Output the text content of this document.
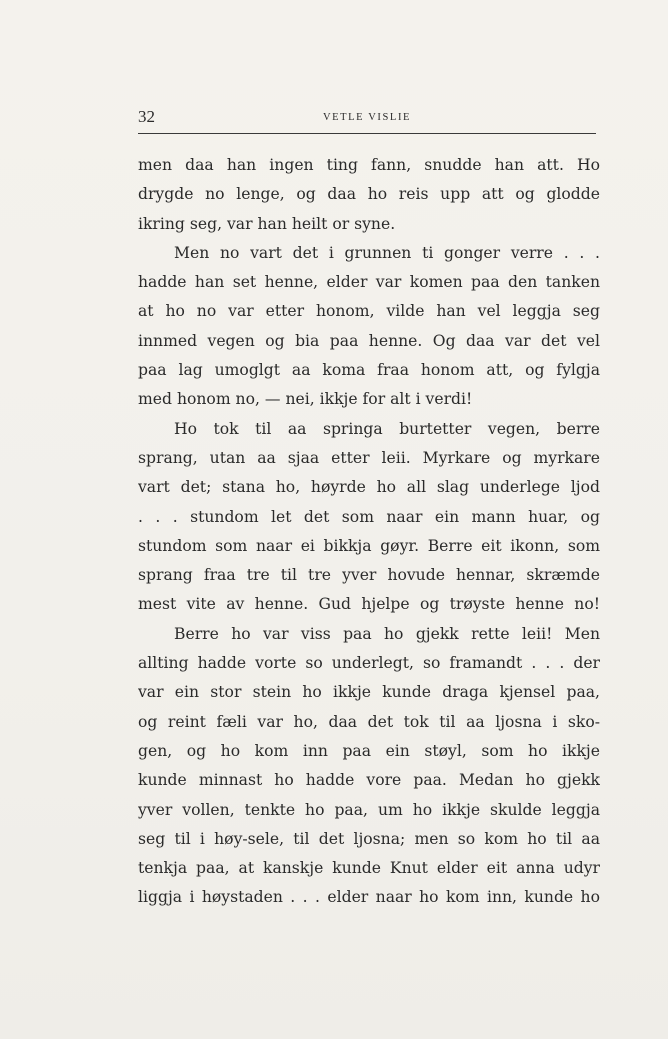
32	VETLE VISLIE
men daa han ingen ting fann, snudde han att. Ho
drygde no lenge, og daa ho reis upp att og glodde
ikring seg, var han heilt or syne.
Men no vart det i grunnen ti gonger verre . . .
hadde han set henne, elder var komen paa den tanken
at ho no var etter honom, vilde han vel leggja seg
innmed vegen og bia paa henne. Og daa var det vel
paa lag umoglgt aa koma fraa honom att, og fylgja
med honom no, — nei, ikkje for alt i verdi!
Ho tok til aa springa burtetter vegen, berre
sprang, utan aa sjaa etter leii. Myrkare og myrkare
vart det; stana ho, høyrde ho all slag underlege ljod
. . . stundom let det som naar ein mann huar, og
stundom som naar ei bikkja gøyr. Berre eit ikonn, som
sprang fraa tre til tre yver hovude hennar, skræmde
mest vite av henne. Gud hjelpe og trøyste henne no!
Berre ho var viss paa ho gjekk rette leii! Men
allting hadde vorte so underlegt, so framandt . . . der
var ein stor stein ho ikkje kunde draga kjensel paa,
og reint fæli var ho, daa det tok til aa ljosna i sko-
gen, og ho kom inn paa ein støyl, som ho ikkje
kunde minnast ho hadde vore paa. Medan ho gjekk
yver vollen, tenkte ho paa, um ho ikkje skulde leggja
seg til i høy-sele, til det ljosna; men so kom ho til aa
tenkja paa, at kanskje kunde Knut elder eit anna udyr
liggja i høystaden . . . elder naar ho kom inn, kunde ho
